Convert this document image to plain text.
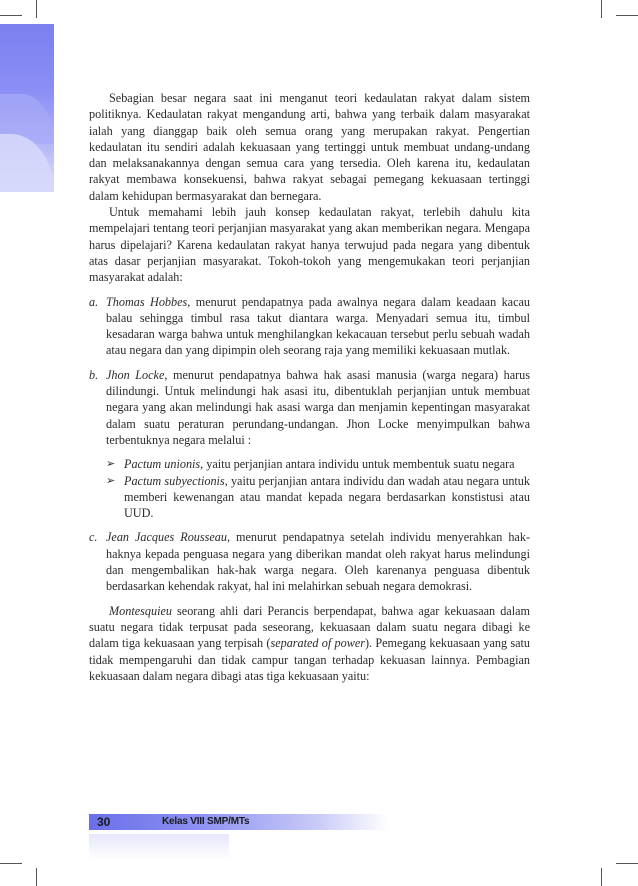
Sebagian besar negara saat ini menganut teori kedaulatan rakyat dalam sistem politiknya. Kedaulatan rakyat mengandung arti, bahwa yang terbaik dalam masyarakat ialah yang dianggap baik oleh semua orang yang merupakan rakyat. Pengertian kedaulatan itu sendiri adalah kekuasaan yang tertinggi untuk membuat undang-undang dan melaksanakannya dengan semua cara yang tersedia. Oleh karena itu, kedaulatan rakyat membawa konsekuensi, bahwa rakyat sebagai pemegang kekuasaan tertinggi dalam kehidupan bermasyarakat dan bernegara.

Untuk memahami lebih jauh konsep kedaulatan rakyat, terlebih dahulu kita mempelajari tentang teori perjanjian masyarakat yang akan memberikan negara. Mengapa harus dipelajari? Karena kedaulatan rakyat hanya terwujud pada negara yang dibentuk atas dasar perjanjian masyarakat. Tokoh-tokoh yang mengemukakan teori perjanjian masyarakat adalah:

a. Thomas Hobbes, menurut pendapatnya pada awalnya negara dalam keadaan kacau balau sehingga timbul rasa takut diantara warga. Menyadari semua itu, timbul kesadaran warga bahwa untuk menghilangkan kekacauan tersebut perlu sebuah wadah atau negara dan yang dipimpin oleh seorang raja yang memiliki kekuasaan mutlak.
b. Jhon Locke, menurut pendapatnya bahwa hak asasi manusia (warga negara) harus dilindungi. Untuk melindungi hak asasi itu, dibentuklah perjanjian untuk membuat negara yang akan melindungi hak asasi warga dan menjamin kepentingan masyarakat dalam suatu peraturan perundang-undangan. Jhon Locke menyimpulkan bahwa terbentuknya negara melalui :
➢ Pactum unionis, yaitu perjanjian antara individu untuk membentuk suatu negara
➢ Pactum subyectionis, yaitu perjanjian antara individu dan wadah atau negara untuk memberi kewenangan atau mandat kepada negara berdasarkan konstistusi atau UUD.
c. Jean Jacques Rousseau, menurut pendapatnya setelah individu menyerahkan hak-haknya kepada penguasa negara yang diberikan mandat oleh rakyat harus melindungi dan mengembalikan hak-hak warga negara. Oleh karenanya penguasa dibentuk berdasarkan kehendak rakyat, hal ini melahirkan sebuah negara demokrasi.

Montesquieu seorang ahli dari Perancis berpendapat, bahwa agar kekuasaan dalam suatu negara tidak terpusat pada seseorang, kekuasaan dalam suatu negara dibagi ke dalam tiga kekuasaan yang terpisah (separated of power). Pemegang kekuasaan yang satu tidak mempengaruhi dan tidak campur tangan terhadap kekuasan lainnya. Pembagian kekuasaan dalam negara dibagi atas tiga kekuasaan yaitu:

30	Kelas VIII SMP/MTs
